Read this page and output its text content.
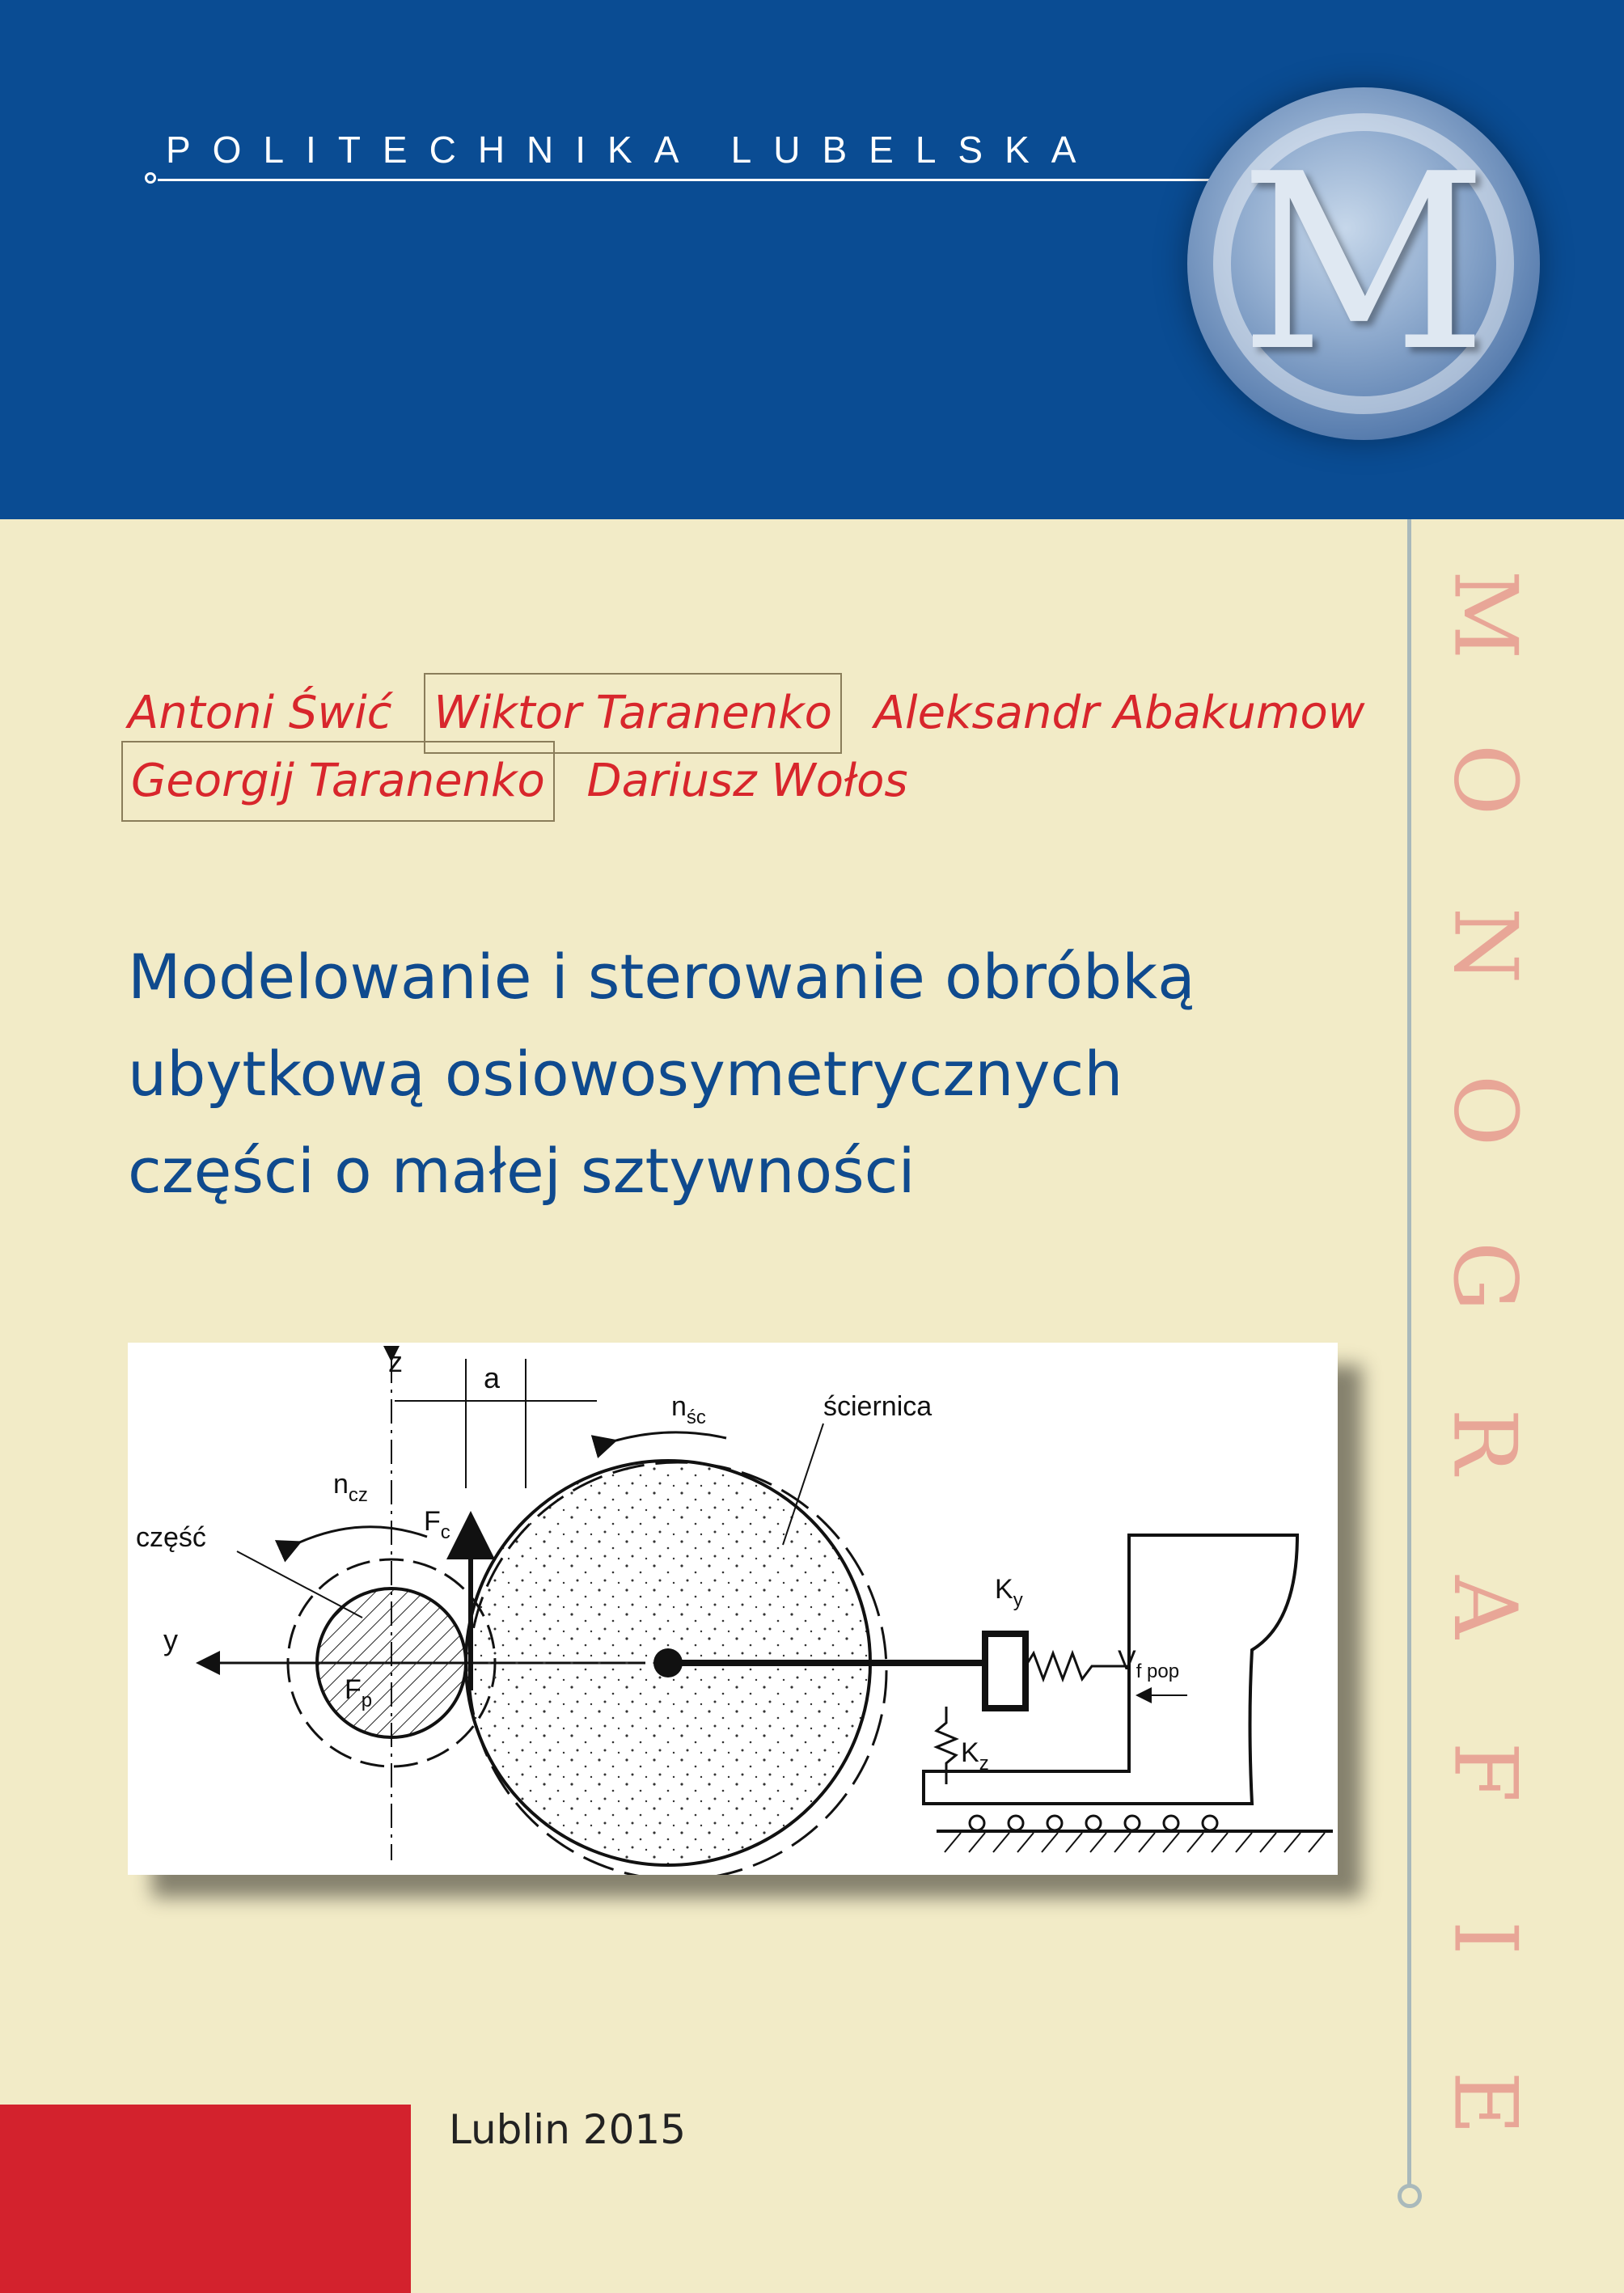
POLITECHNIKA LUBELSKA M
M
O
N
O
G
R
A
F
I
E
Antoni Świć Wiktor Taranenko Aleksandr Abakumow
Georgij Taranenko Dariusz Wołos
Modelowanie i sterowanie obróbką
ubytkową osiowosymetrycznych
części o małej sztywności
z	a
$n_{śc}$	ściernica
$n_{cz}$
$F_c$
część
y
$F_p$
$K_y$
$K_z$
$V_{f pop}$
Lublin 2015
